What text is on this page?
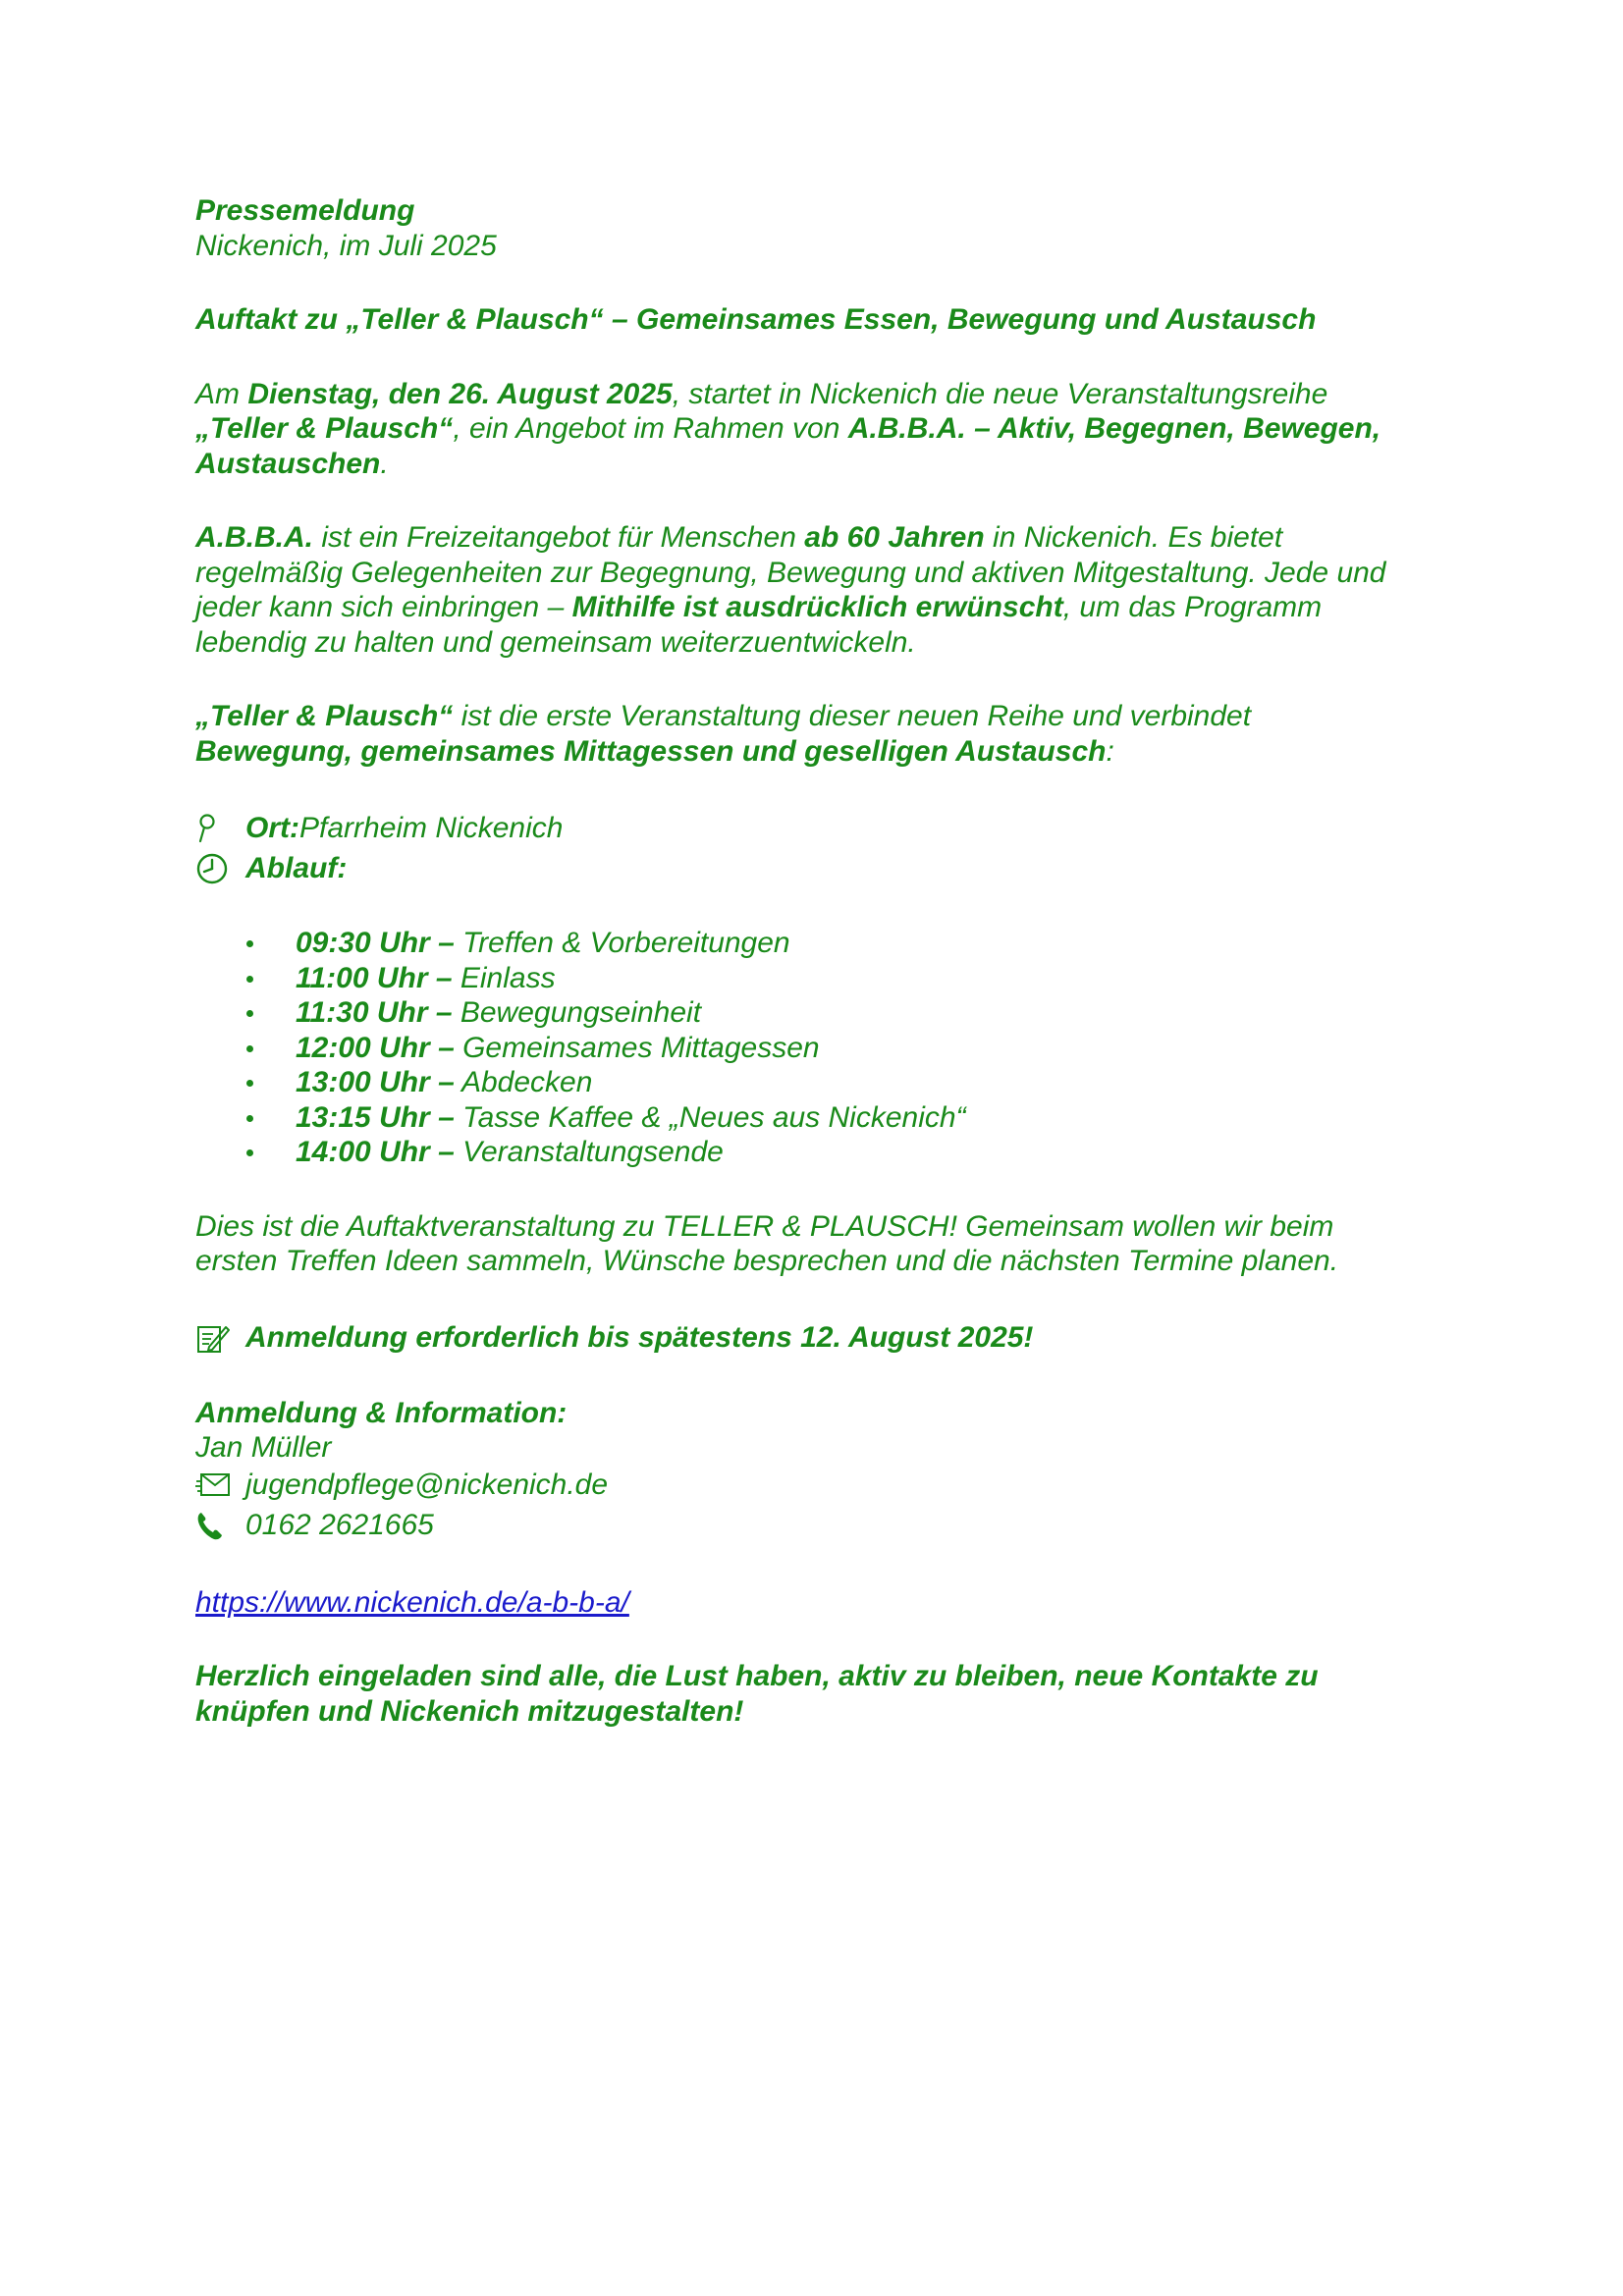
Pressemeldung

Nickenich, im Juli 2025

Auftakt zu „Teller & Plausch“ – Gemeinsames Essen, Bewegung und Austausch

Am Dienstag, den 26. August 2025, startet in Nickenich die neue Veranstaltungsreihe

„Teller & Plausch“, ein Angebot im Rahmen von A.B.B.A. – Aktiv, Begegnen, Bewegen,

Austauschen.

A.B.B.A. ist ein Freizeitangebot für Menschen ab 60 Jahren in Nickenich. Es bietet

regelmäßig Gelegenheiten zur Begegnung, Bewegung und aktiven Mitgestaltung. Jede und

jeder kann sich einbringen – Mithilfe ist ausdrücklich erwünscht, um das Programm

lebendig zu halten und gemeinsam weiterzuentwickeln.

„Teller & Plausch“ ist die erste Veranstaltung dieser neuen Reihe und verbindet

Bewegung, gemeinsames Mittagessen und geselligen Austausch:

Ort: Pfarrheim Nickenich
Ablauf:
09:30 Uhr – Treffen & Vorbereitungen
11:00 Uhr – Einlass
11:30 Uhr – Bewegungseinheit
12:00 Uhr – Gemeinsames Mittagessen
13:00 Uhr – Abdecken
13:15 Uhr – Tasse Kaffee & „Neues aus Nickenich“
14:00 Uhr – Veranstaltungsende

Dies ist die Auftaktveranstaltung zu TELLER & PLAUSCH! Gemeinsam wollen wir beim

ersten Treffen Ideen sammeln, Wünsche besprechen und die nächsten Termine planen.

Anmeldung erforderlich bis spätestens 12. August 2025!

Anmeldung & Information:

Jan Müller

jugendpflege@nickenich.de
0162 2621665

https://www.nickenich.de/a-b-b-a/

Herzlich eingeladen sind alle, die Lust haben, aktiv zu bleiben, neue Kontakte zu

knüpfen und Nickenich mitzugestalten!
